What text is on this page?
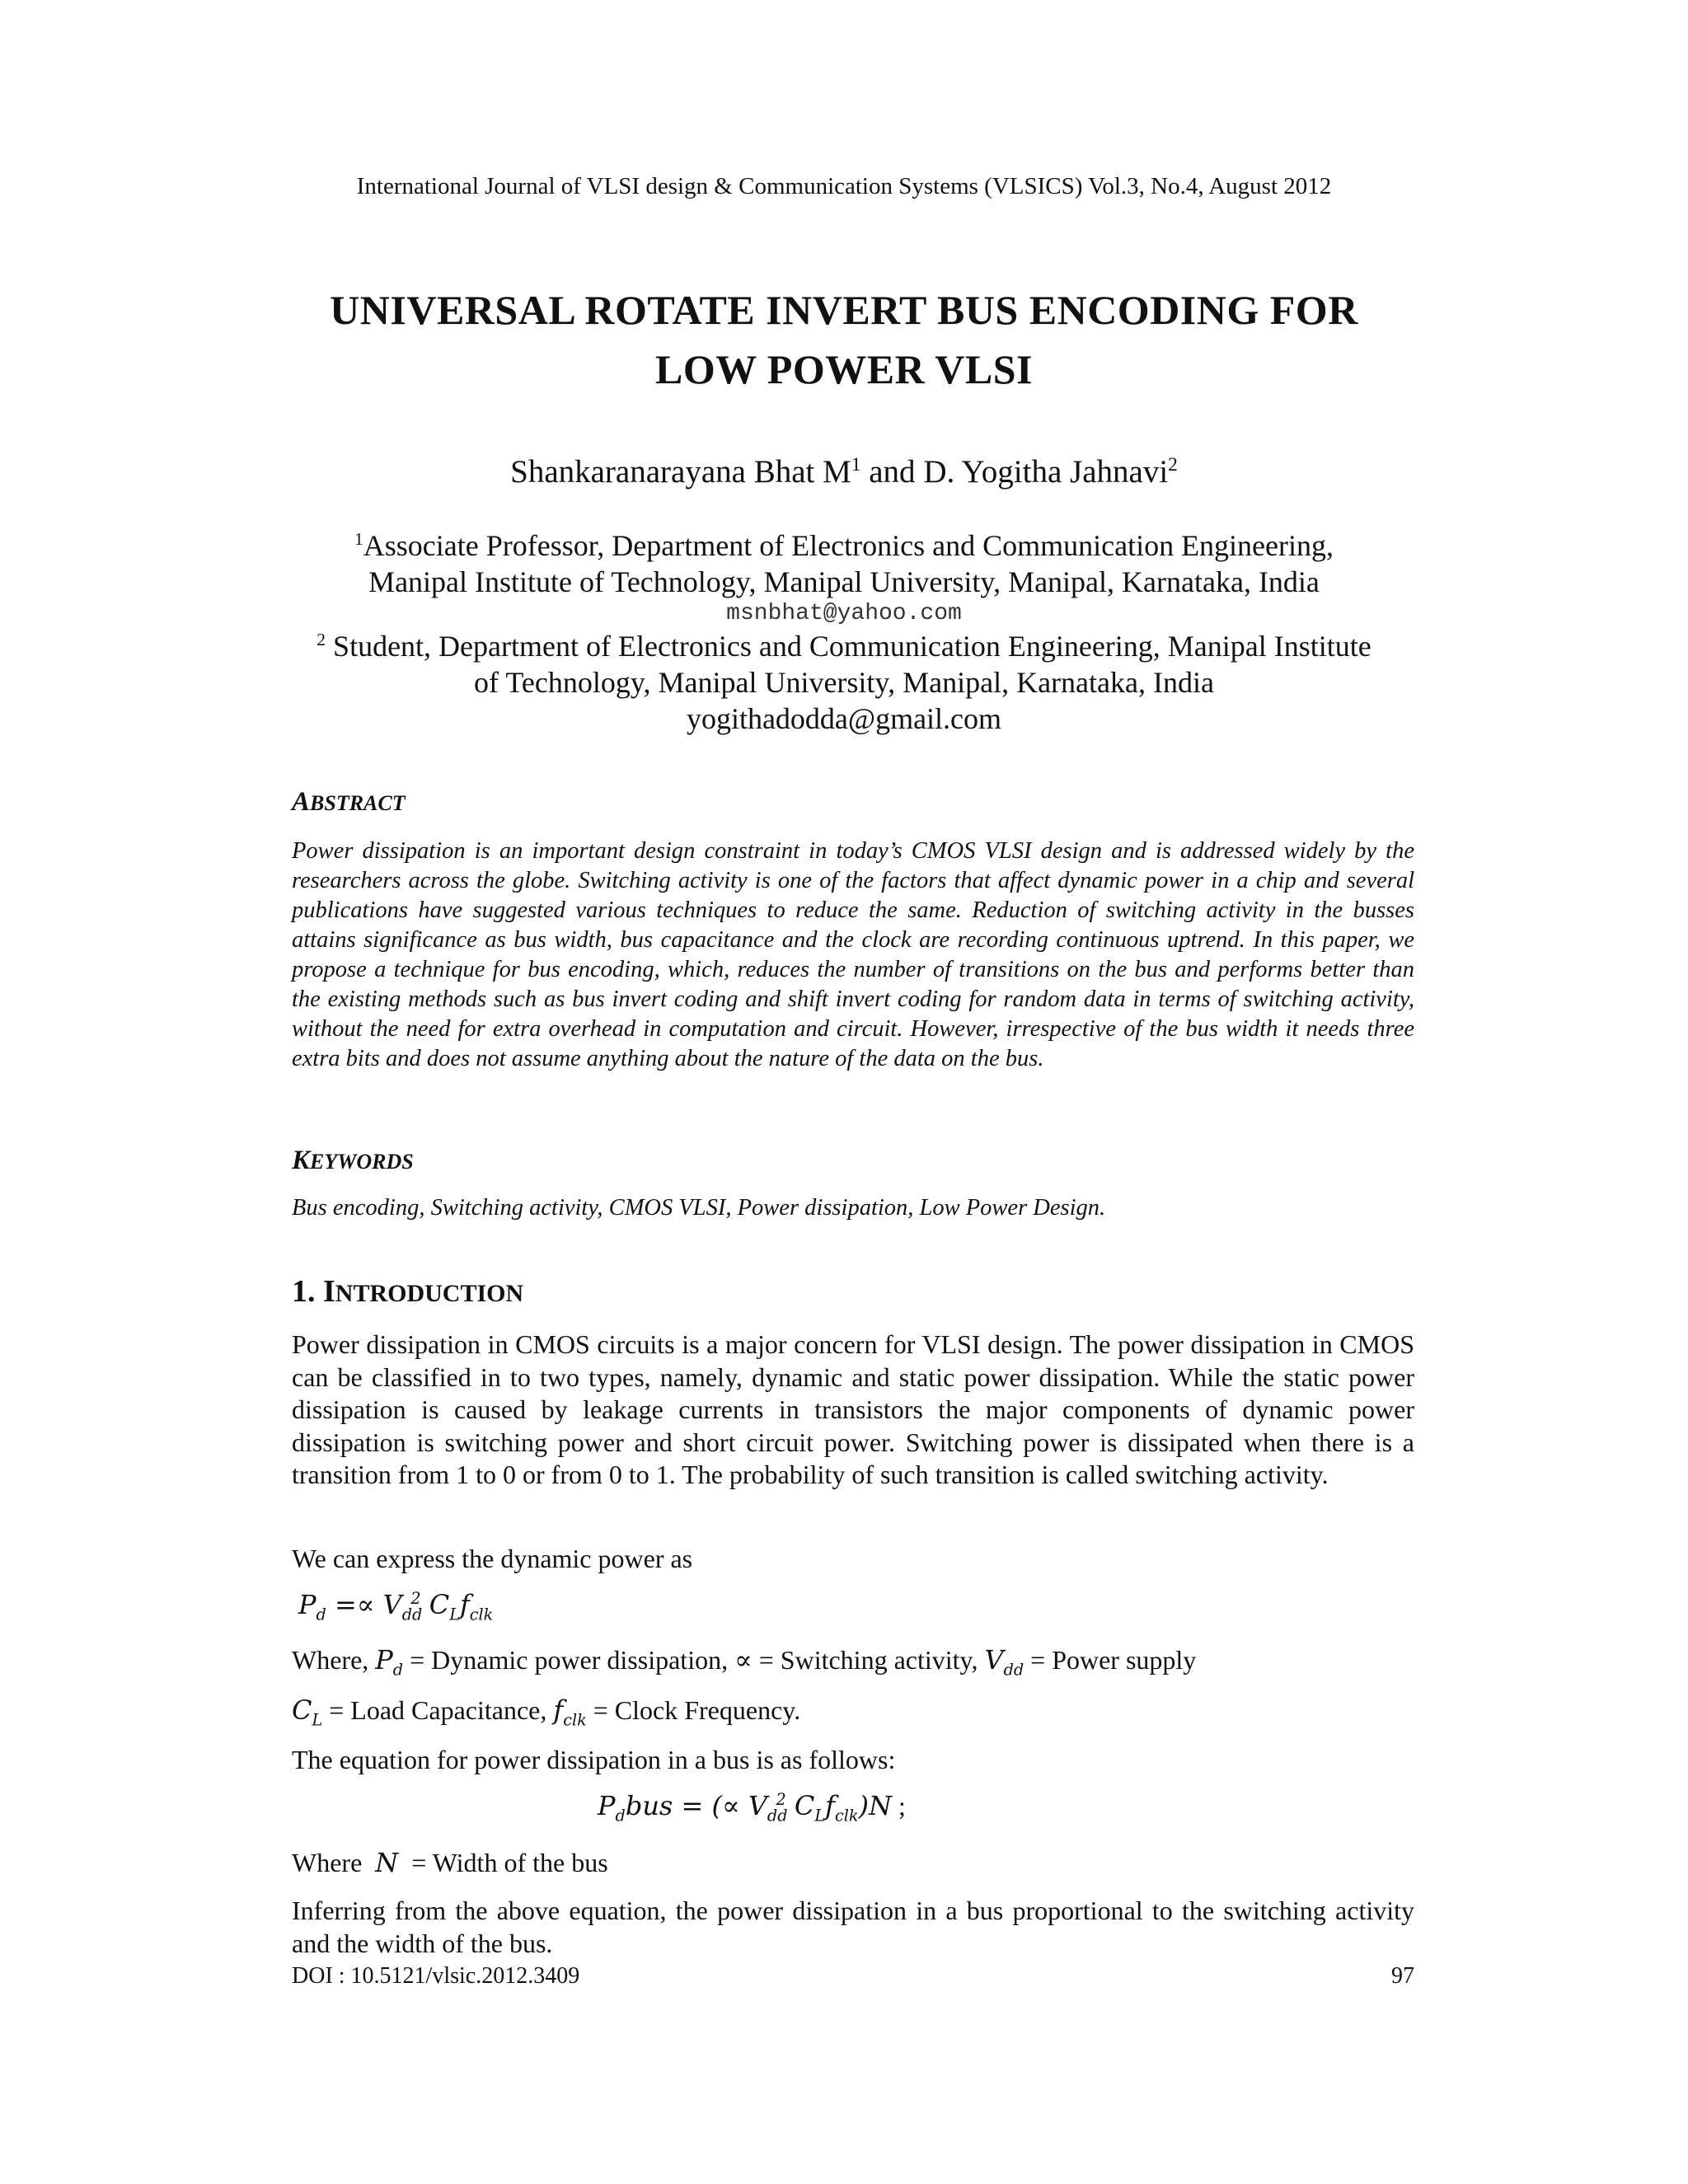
International Journal of VLSI design & Communication Systems (VLSICS) Vol.3, No.4, August 2012
UNIVERSAL ROTATE INVERT BUS ENCODING FOR
LOW POWER VLSI
Shankaranarayana Bhat $M^1$ and D. Yogitha Jahnavi$^2$
$^1$Associate Professor, Department of Electronics and Communication Engineering,
Manipal Institute of Technology, Manipal University, Manipal, Karnataka, India
msnbhat@yahoo.com
$^2$ Student, Department of Electronics and Communication Engineering, Manipal Institute
of Technology, Manipal University, Manipal, Karnataka, India
yogithadodda@gmail.com
ABSTRACT
Power dissipation is an important design constraint in today’s CMOS VLSI design and is addressed widely by the researchers across the globe. Switching activity is one of the factors that affect dynamic power in a chip and several publications have suggested various techniques to reduce the same. Reduction of switching activity in the busses attains significance as bus width, bus capacitance and the clock are recording continuous uptrend. In this paper, we propose a technique for bus encoding, which, reduces the number of transitions on the bus and performs better than the existing methods such as bus invert coding and shift invert coding for random data in terms of switching activity, without the need for extra overhead in computation and circuit. However, irrespective of the bus width it needs three extra bits and does not assume anything about the nature of the data on the bus.
KEYWORDS
Bus encoding, Switching activity, CMOS VLSI, Power dissipation, Low Power Design.
1. INTRODUCTION
Power dissipation in CMOS circuits is a major concern for VLSI design. The power dissipation in CMOS can be classified in to two types, namely, dynamic and static power dissipation. While the static power dissipation is caused by leakage currents in transistors the major components of dynamic power dissipation is switching power and short circuit power. Switching power is dissipated when there is a transition from 1 to 0 or from 0 to 1. The probability of such transition is called switching activity.
We can express the dynamic power as
$P_d =\propto V_{dd}^2$ $C_Lf_{clk}$
Where, $P_d$ = Dynamic power dissipation, ∝ = Switching activity, $V_{dd}$ = Power supply
$C_L$ = Load Capacitance, $f_{clk}$ = Clock Frequency.
The equation for power dissipation in a bus is as follows:
$P_dbus$ = (∝ $V_{dd}^2$ $C_Lf_{clk})N$ ;
Where  N  = Width of the bus
Inferring from the above equation, the power dissipation in a bus proportional to the switching activity and the width of the bus.
DOI : 10.5121/vlsic.2012.3409	97
